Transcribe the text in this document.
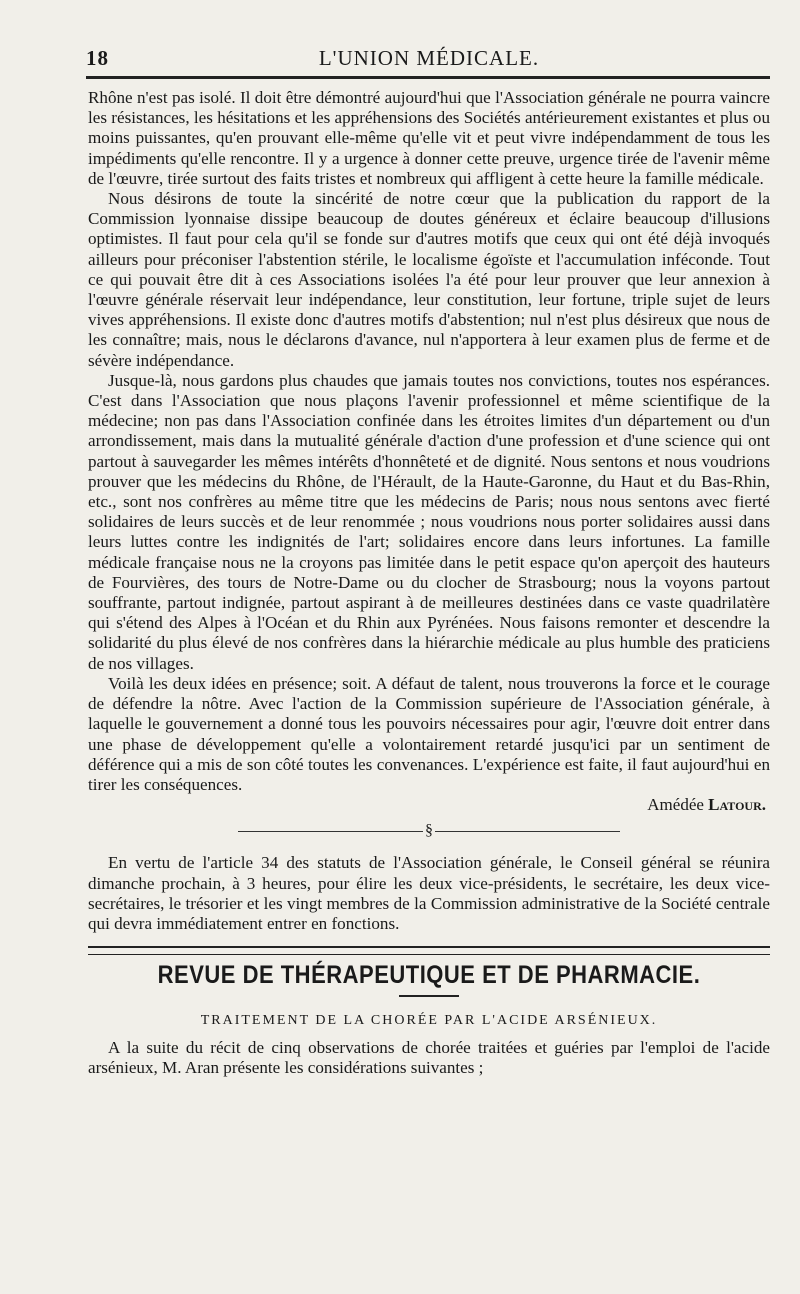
18	L'UNION MÉDICALE.

Rhône n'est pas isolé. Il doit être démontré aujourd'hui que l'Association générale ne pourra vaincre les résistances, les hésitations et les appréhensions des Sociétés antérieurement existantes et plus ou moins puissantes, qu'en prouvant elle-même qu'elle vit et peut vivre indépendamment de tous les impédiments qu'elle rencontre. Il y a urgence à donner cette preuve, urgence tirée de l'avenir même de l'œuvre, tirée surtout des faits tristes et nombreux qui affligent à cette heure la famille médicale.

Nous désirons de toute la sincérité de notre cœur que la publication du rapport de la Commission lyonnaise dissipe beaucoup de doutes généreux et éclaire beaucoup d'illusions optimistes. Il faut pour cela qu'il se fonde sur d'autres motifs que ceux qui ont été déjà invoqués ailleurs pour préconiser l'abstention stérile, le localisme égoïste et l'accumulation inféconde. Tout ce qui pouvait être dit à ces Associations isolées l'a été pour leur prouver que leur annexion à l'œuvre générale réservait leur indépendance, leur constitution, leur fortune, triple sujet de leurs vives appréhensions. Il existe donc d'autres motifs d'abstention; nul n'est plus désireux que nous de les connaître; mais, nous le déclarons d'avance, nul n'apportera à leur examen plus de ferme et de sévère indépendance.

Jusque-là, nous gardons plus chaudes que jamais toutes nos convictions, toutes nos espérances. C'est dans l'Association que nous plaçons l'avenir professionnel et même scientifique de la médecine; non pas dans l'Association confinée dans les étroites limites d'un département ou d'un arrondissement, mais dans la mutualité générale d'action d'une profession et d'une science qui ont partout à sauvegarder les mêmes intérêts d'honnêteté et de dignité. Nous sentons et nous voudrions prouver que les médecins du Rhône, de l'Hérault, de la Haute-Garonne, du Haut et du Bas-Rhin, etc., sont nos confrères au même titre que les médecins de Paris; nous nous sentons avec fierté solidaires de leurs succès et de leur renommée ; nous voudrions nous porter solidaires aussi dans leurs luttes contre les indignités de l'art; solidaires encore dans leurs infortunes. La famille médicale française nous ne la croyons pas limitée dans le petit espace qu'on aperçoit des hauteurs de Fourvières, des tours de Notre-Dame ou du clocher de Strasbourg; nous la voyons partout souffrante, partout indignée, partout aspirant à de meilleures destinées dans ce vaste quadrilatère qui s'étend des Alpes à l'Océan et du Rhin aux Pyrénées. Nous faisons remonter et descendre la solidarité du plus élevé de nos confrères dans la hiérarchie médicale au plus humble des praticiens de nos villages.

Voilà les deux idées en présence; soit. A défaut de talent, nous trouverons la force et le courage de défendre la nôtre. Avec l'action de la Commission supérieure de l'Association générale, à laquelle le gouvernement a donné tous les pouvoirs nécessaires pour agir, l'œuvre doit entrer dans une phase de développement qu'elle a volontairement retardé jusqu'ici par un sentiment de déférence qui a mis de son côté toutes les convenances. L'expérience est faite, il faut aujourd'hui en tirer les conséquences.

Amédée Latour.
§

En vertu de l'article 34 des statuts de l'Association générale, le Conseil général se réunira dimanche prochain, à 3 heures, pour élire les deux vice-présidents, le secrétaire, les deux vice-secrétaires, le trésorier et les vingt membres de la Commission administrative de la Société centrale qui devra immédiatement entrer en fonctions.

REVUE DE THÉRAPEUTIQUE ET DE PHARMACIE.
TRAITEMENT DE LA CHORÉE PAR L'ACIDE ARSÉNIEUX.

A la suite du récit de cinq observations de chorée traitées et guéries par l'emploi de l'acide arsénieux, M. Aran présente les considérations suivantes ;
